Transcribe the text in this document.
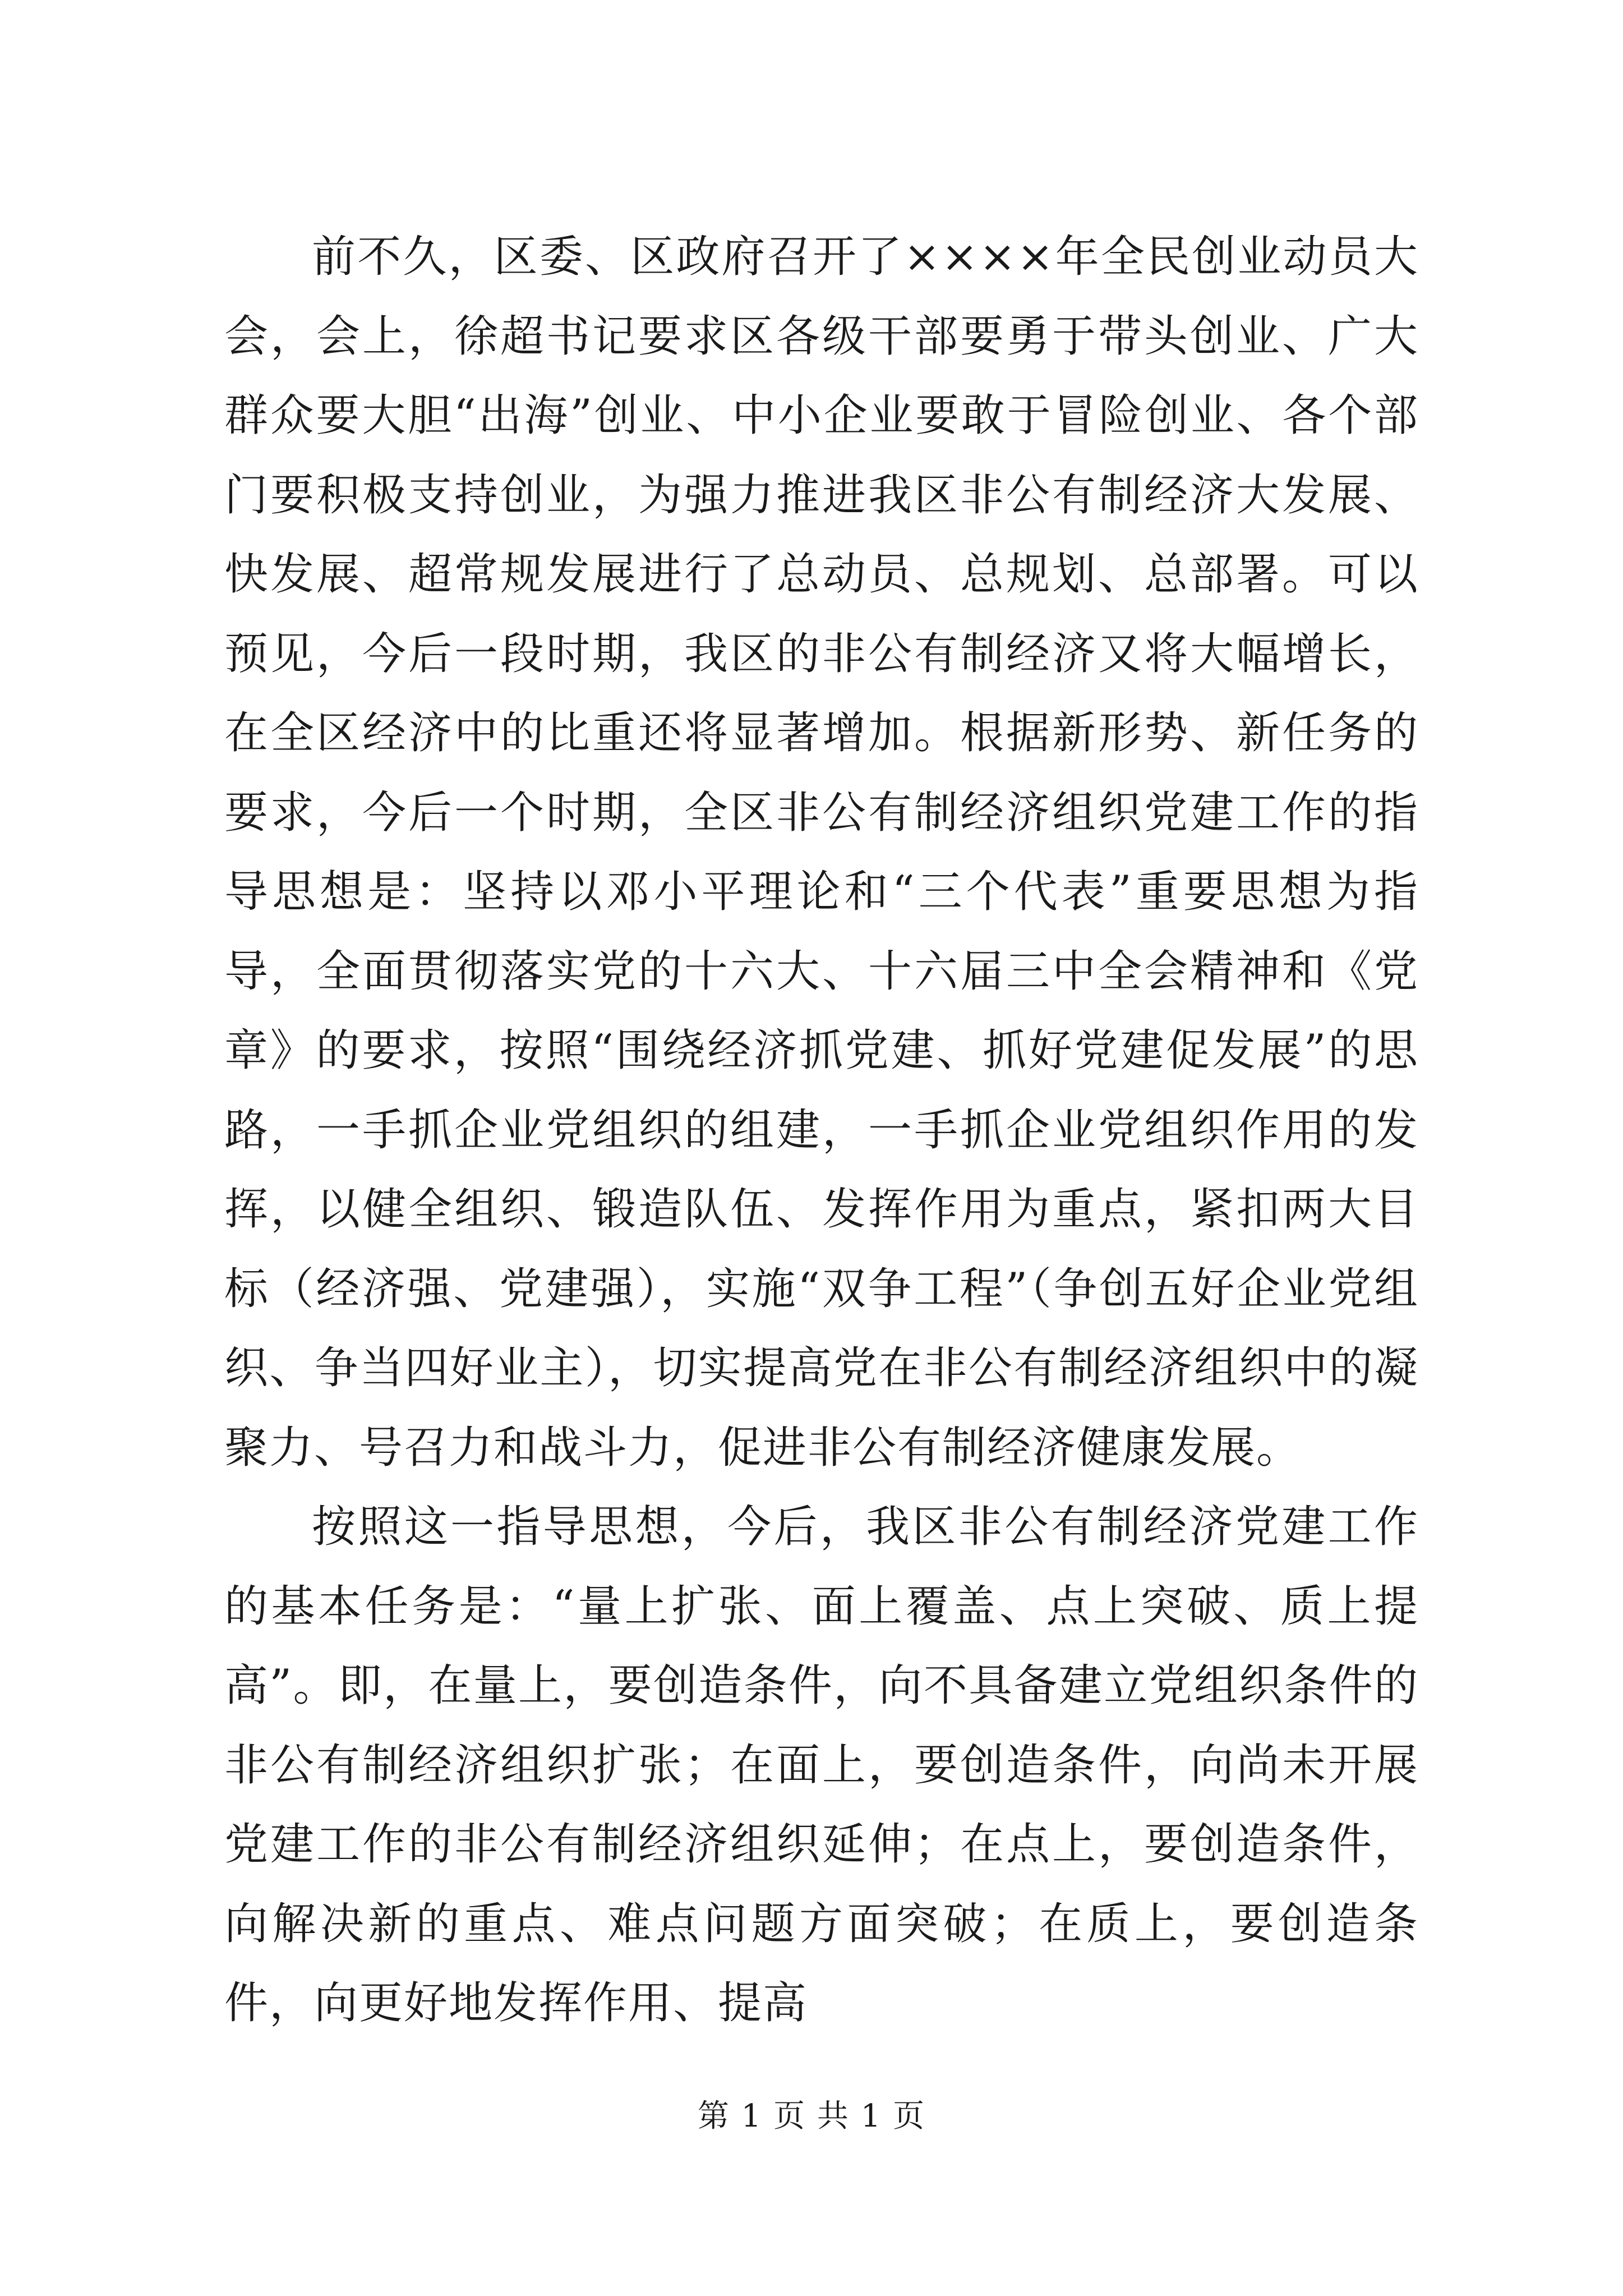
前不久，区委、区政府召开了××××年全民创业动员大会，会上，徐超书记要求区各级干部要勇于带头创业、广大群众要大胆“出海”创业、中小企业要敢于冒险创业、各个部门要积极支持创业，为强力推进我区非公有制经济大发展、快发展、超常规发展进行了总动员、总规划、总部署。可以预见，今后一段时期，我区的非公有制经济又将大幅增长，在全区经济中的比重还将显著增加。根据新形势、新任务的要求，今后一个时期，全区非公有制经济组织党建工作的指导思想是：坚持以邓小平理论和“三个代表”重要思想为指导，全面贯彻落实党的十六大、十六届三中全会精神和《党章》的要求，按照“围绕经济抓党建、抓好党建促发展”的思路，一手抓企业党组织的组建，一手抓企业党组织作用的发挥，以健全组织、锻造队伍、发挥作用为重点，紧扣两大目标（经济强、党建强），实施“双争工程”（争创五好企业党组织、争当四好业主），切实提高党在非公有制经济组织中的凝聚力、号召力和战斗力，促进非公有制经济健康发展。

按照这一指导思想，今后，我区非公有制经济党建工作的基本任务是：“量上扩张、面上覆盖、点上突破、质上提高”。即，在量上，要创造条件，向不具备建立党组织条件的非公有制经济组织扩张；在面上，要创造条件，向尚未开展党建工作的非公有制经济组织延伸；在点上，要创造条件，向解决新的重点、难点问题方面突破；在质上，要创造条件，向更好地发挥作用、提高

第 1 页 共 1 页
